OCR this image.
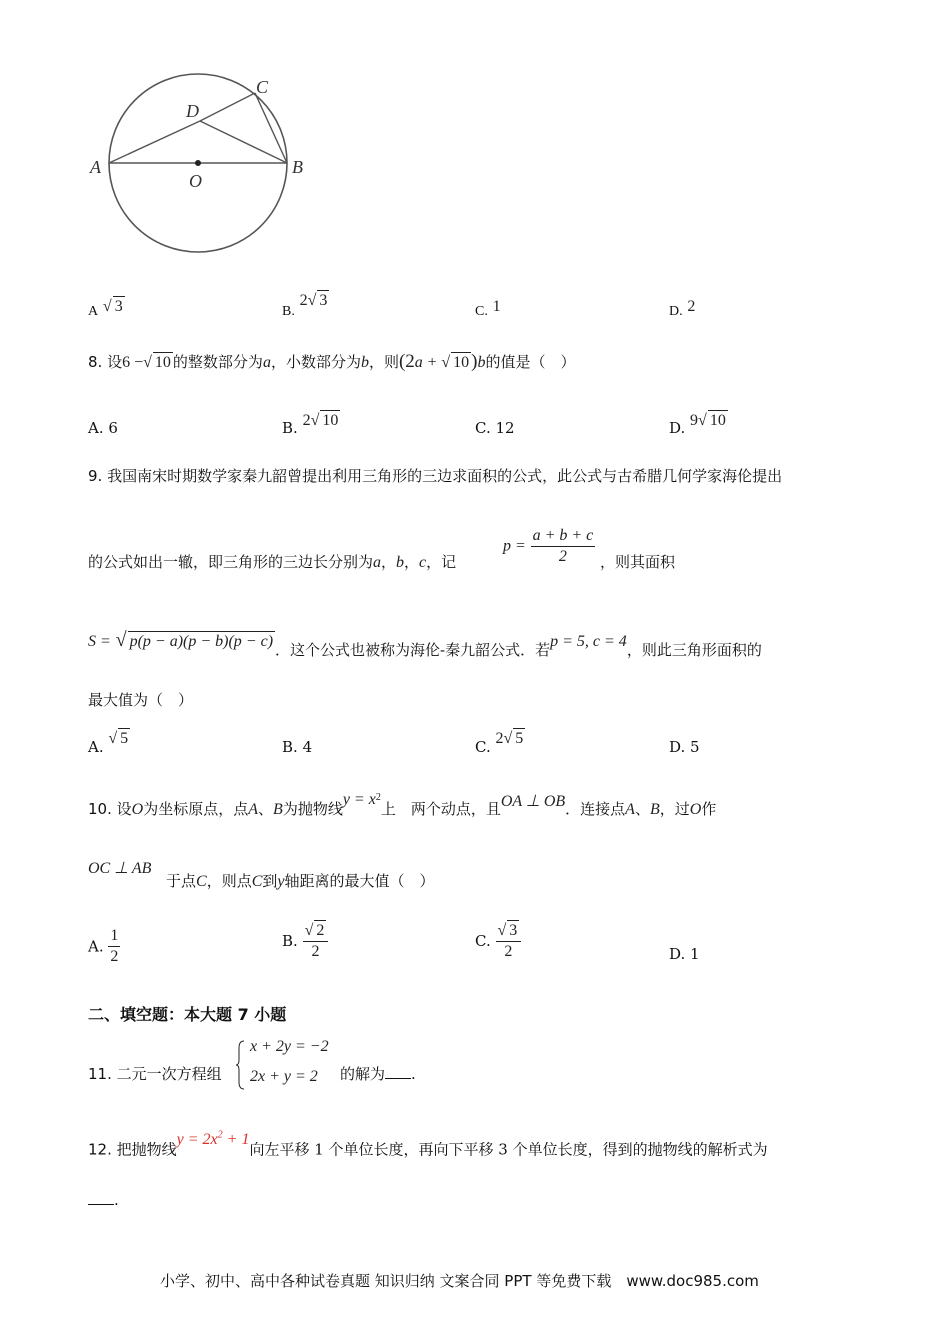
A	B
C
D
O
A √ 3	B. 2√ 3
C. 1	D. 2
8. 设6 −√ 10 的整数部分为a，小数部分为b，则(2a + √ 10 )b的值是（　）
A. 6	B. 2√ 10	C. 12	D. 9√ 10
9. 我国南宋时期数学家秦九韶曾提出利用三角形的三边求面积的公式，此公式与古希腊几何学家海伦提出
的公式如出一辙，即三角形的三边长分别为a，b，c，记
$p = \frac{a + b + c}{2}$ ，则其面积
S = √ p(p − a)(p − b)(p − c) ．这个公式也被称为海伦-秦九韶公式．若p = 5, c = 4，则此三角形面积的
最大值为（　）
A. √ 5	B. 4	C. 2√ 5	D. 5
10. 设O为坐标原点，点A、B为抛物线$y = x^2$上　两个动点，且OA ⊥ OB．连接点A、B，过O作
OC ⊥ AB
于点C，则点C到y轴距离的最大值（　）
A. $\frac{1}{2}$	B. $\frac{√ 2}{2}$	C. $\frac{√ 3}{2}$	D. 1
二、填空题：本大题 7 小题
11. 二元一次方程组
x + 2y = −2
2x + y = 2 的解为 .
12. 把抛物线$y = 2x^2 + 1$向左平移 1 个单位长度，再向下平移 3 个单位长度，得到的抛物线的解析式为
.
小学、初中、高中各种试卷真题 知识归纳 文案合同 PPT 等免费下载　www.doc985.com
